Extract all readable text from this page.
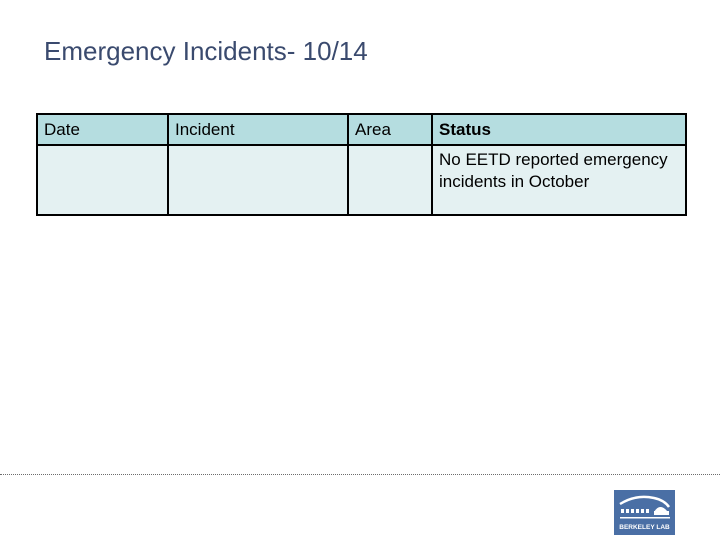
Emergency Incidents- 10/14
Date	Incident	Area	Status
			No EETD reported emergency incidents in October
BERKELEY LAB
